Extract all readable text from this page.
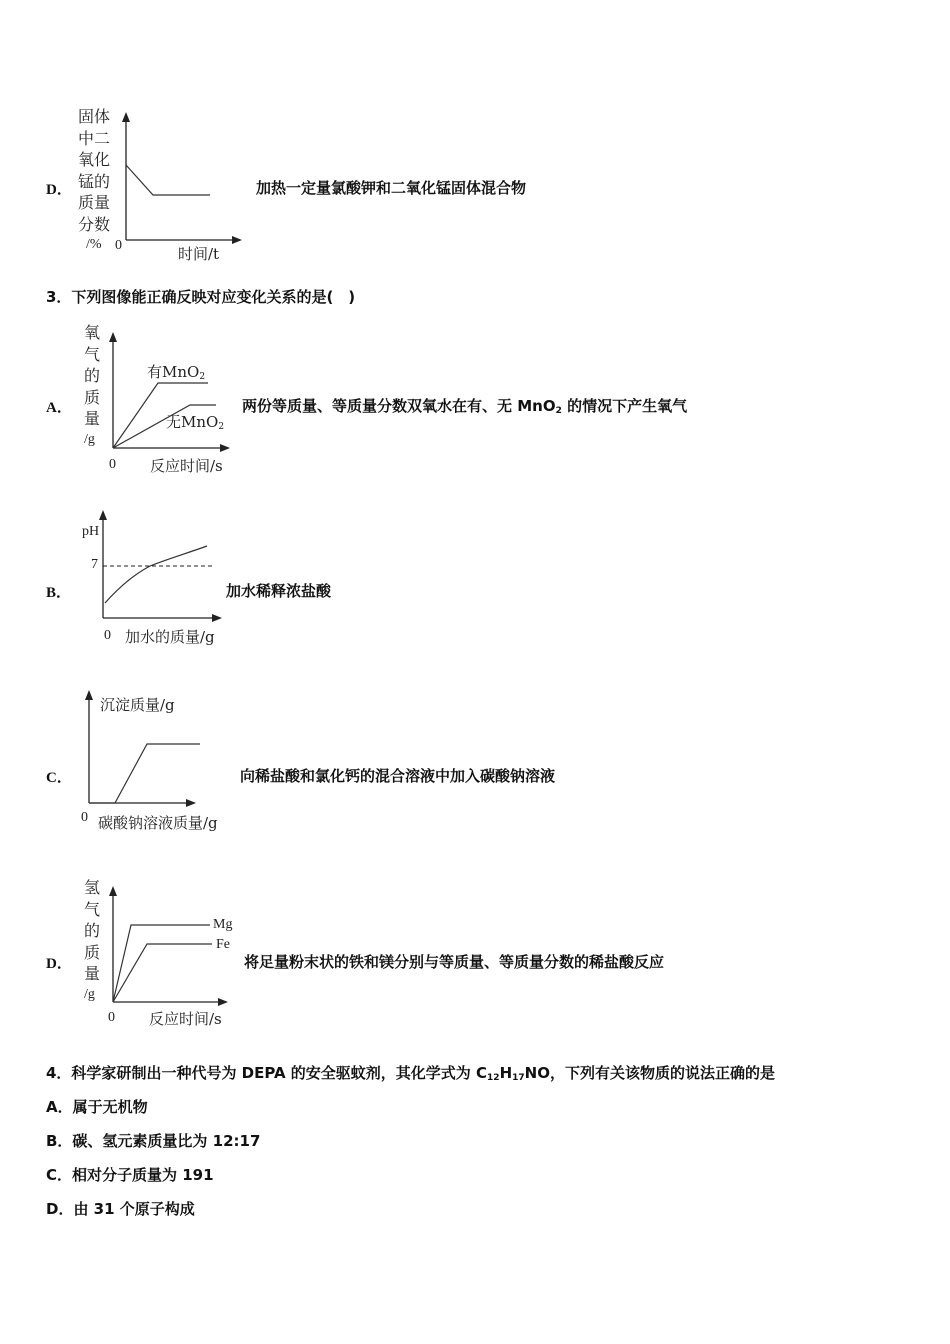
D．
固体中二
氧化锰的
质量分数
/% 0	时间/t
加热一定量氯酸钾和二氧化锰固体混合物
3．下列图像能正确反映对应变化关系的是(　)
A．
氧气的质量
/g
0 反应时间/s
有MnO$_2$
无MnO$_2$
两份等质量、等质量分数双氧水在有、无 MnO$_2$ 的情况下产生氧气
B．
pH
7
0 加水的质量/g
加水稀释浓盐酸
C．
沉淀质量/g
0 碳酸钠溶液质量/g
向稀盐酸和氯化钙的混合溶液中加入碳酸钠溶液
D．
氢气的质量
/g
0 反应时间/s
Mg
Fe
将足量粉末状的铁和镁分别与等质量、等质量分数的稀盐酸反应
4．科学家研制出一种代号为 DEPA 的安全驱蚊剂，其化学式为 $C_{12}H_{17}NO$，下列有关该物质的说法正确的是
A．属于无机物
B．碳、氢元素质量比为 12:17
C．相对分子质量为 191
D．由 31 个原子构成
